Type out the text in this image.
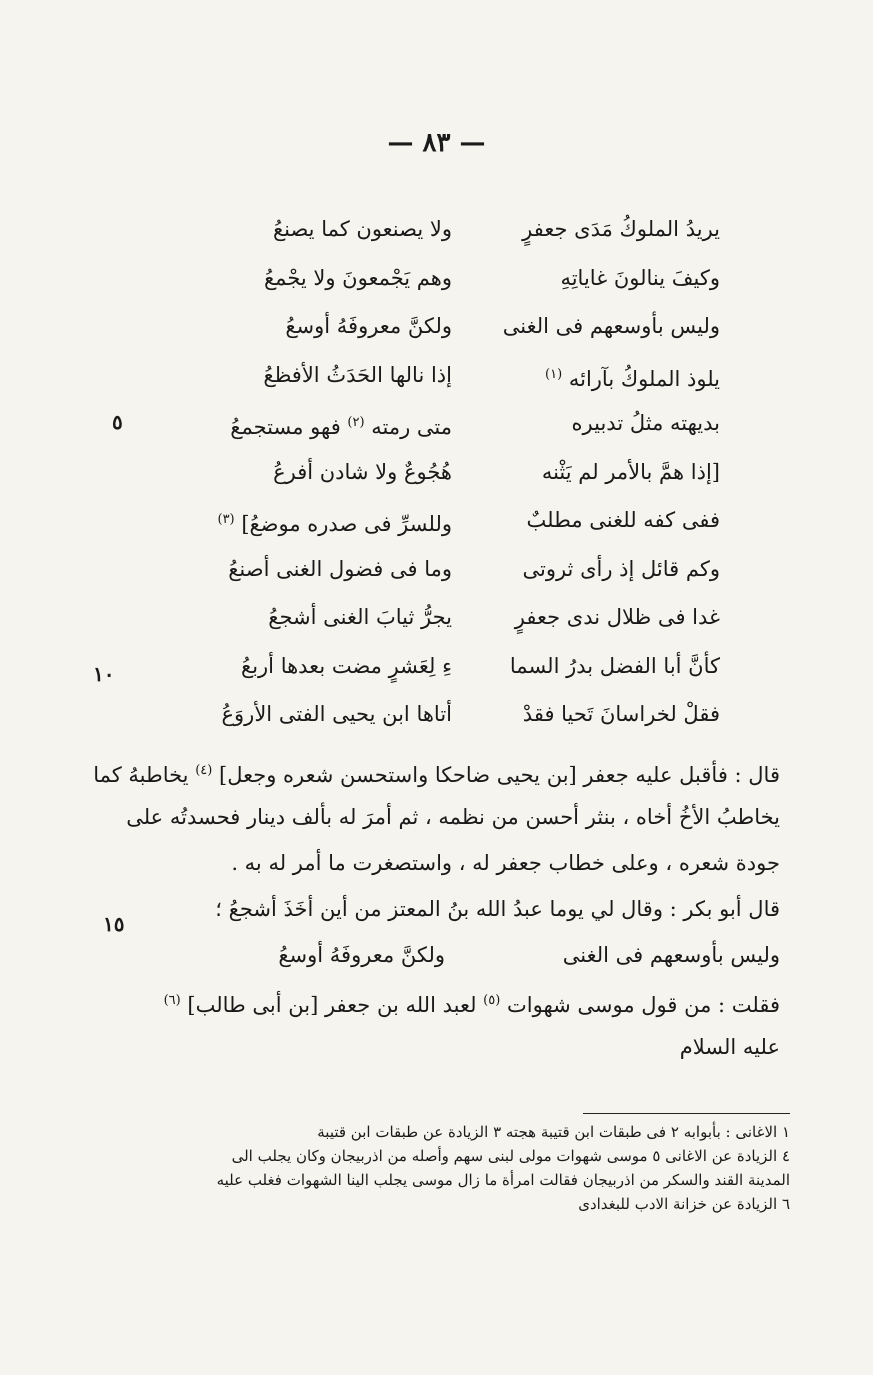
— ٨٣ —
٥
١٠
١٥
يريدُ الملوكُ مَدَى جعفرٍ
ولا يصنعون كما يصنعُ
وكيفَ ينالونَ غاياتِهِ
وهم يَجْمعونَ ولا يجْمعُ
وليس بأوسعهم فى الغنى
ولكنَّ معروفَهُ أوسعُ
يلوذ الملوكُ بآرائه $^{(١)}$
إذا نالها الحَدَثُ الأفظعُ
بديهته مثلُ تدبيره
متى رمته $^{(٢)}$ فهو مستجمعُ
[إذا همَّ بالأمر لم يَثْنه
هُجُوعٌ ولا شادن أفرعُ
ففى كفه للغنى مطلبٌ
وللسرِّ فى صدره موضعُ] $^{(٣)}$
وكم قائل إذ رأى ثروتى
وما فى فضول الغنى أصنعُ
غدا فى ظلال ندى جعفرٍ
يجرُّ ثيابَ الغنى أشجعُ
كأنَّ أبا الفضل بدرُ السما
ءِ لِعَشرٍ مضت بعدها أربعُ
فقلْ لخراسانَ تَحيا فقدْ
أتاها ابن يحيى الفتى الأروَعُ
قال : فأقبل عليه جعفر [بن يحيى ضاحكا واستحسن شعره وجعل] $^{(٤)}$ يخاطبهُ كما
يخاطبُ الأخُ أخاه ، بنثر أحسن من نظمه ، ثم أمرَ له بألف دينار فحسدتُه على
جودة شعره ، وعلى خطاب جعفر له ، واستصغرت ما أمر له به .
قال أبو بكر : وقال لي يوما عبدُ الله بنُ المعتز من أين أخَذَ أشجعُ ؛
وليس بأوسعهم فى الغنى
ولكنَّ معروفَهُ أوسعُ
فقلت : من قول موسى شهوات $^{(٥)}$ لعبد الله بن جعفر [بن أبى طالب] $^{(٦)}$
عليه السلام
١ الاغانى : بأبوابه ٢ فى طبقات ابن قتيبة هجته ٣ الزيادة عن طبقات ابن قتيبة
٤ الزيادة عن الاغانى ٥ موسى شهوات مولى لبنى سهم وأصله من اذربيجان وكان يجلب الى
المدينة القند والسكر من اذربيجان فقالت امرأة ما زال موسى يجلب الينا الشهوات فغلب عليه
٦ الزيادة عن خزانة الادب للبغدادى
